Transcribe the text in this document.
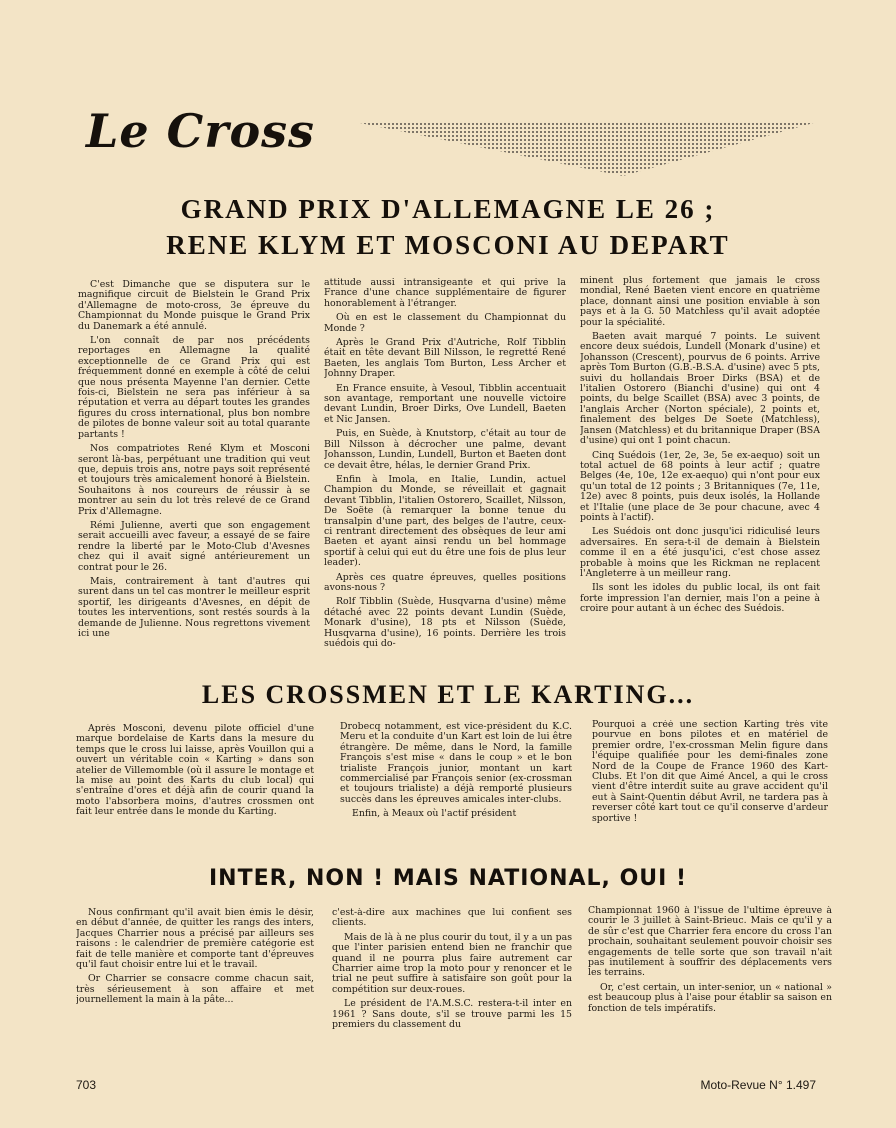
Le Cross
GRAND PRIX D'ALLEMAGNE LE 26 ;
RENE KLYM ET MOSCONI AU DEPART

C'est Dimanche que se disputera sur le magnifique circuit de Bielstein le Grand Prix d'Allemagne de moto-cross, 3e épreuve du Championnat du Monde puisque le Grand Prix du Danemark a été annulé.

L'on connaît de par nos précédents reportages en Allemagne la qualité exceptionnelle de ce Grand Prix qui est fréquemment donné en exemple à côté de celui que nous présenta Mayenne l'an dernier. Cette fois-ci, Bielstein ne sera pas inférieur à sa réputation et verra au départ toutes les grandes figures du cross international, plus bon nombre de pilotes de bonne valeur soit au total quarante partants !

Nos compatriotes René Klym et Mosconi seront là-bas, perpétuant une tradition qui veut que, depuis trois ans, notre pays soit représenté et toujours très amicalement honoré à Bielstein. Souhaitons à nos coureurs de réussir à se montrer au sein du lot très relevé de ce Grand Prix d'Allemagne.

Rémi Julienne, averti que son engagement serait accueilli avec faveur, a essayé de se faire rendre la liberté par le Moto-Club d'Avesnes chez qui il avait signé antérieurement un contrat pour le 26.

Mais, contrairement à tant d'autres qui surent dans un tel cas montrer le meilleur esprit sportif, les dirigeants d'Avesnes, en dépit de toutes les interventions, sont restés sourds à la demande de Julienne. Nous regrettons vivement ici une

attitude aussi intransigeante et qui prive la France d'une chance supplémentaire de figurer honorablement à l'étranger.

Où en est le classement du Championnat du Monde ?

Après le Grand Prix d'Autriche, Rolf Tibblin était en tête devant Bill Nilsson, le regretté René Baeten, les anglais Tom Burton, Less Archer et Johnny Draper.

En France ensuite, à Vesoul, Tibblin accentuait son avantage, remportant une nouvelle victoire devant Lundin, Broer Dirks, Ove Lundell, Baeten et Nic Jansen.

Puis, en Suède, à Knutstorp, c'était au tour de Bill Nilsson à décrocher une palme, devant Johansson, Lundin, Lundell, Burton et Baeten dont ce devait être, hélas, le dernier Grand Prix.

Enfin à Imola, en Italie, Lundin, actuel Champion du Monde, se réveillait et gagnait devant Tibblin, l'italien Ostorero, Scaillet, Nilsson, De Soëte (à remarquer la bonne tenue du transalpin d'une part, des belges de l'autre, ceux-ci rentrant directement des obsèques de leur ami Baeten et ayant ainsi rendu un bel hommage sportif à celui qui eut du être une fois de plus leur leader).

Après ces quatre épreuves, quelles positions avons-nous ?

Rolf Tibblin (Suède, Husqvarna d'usine) même détaché avec 22 points devant Lundin (Suède, Monark d'usine), 18 pts et Nilsson (Suède, Husqvarna d'usine), 16 points. Derrière les trois suédois qui do-

minent plus fortement que jamais le cross mondial, René Baeten vient encore en quatrième place, donnant ainsi une position enviable à son pays et à la G. 50 Matchless qu'il avait adoptée pour la spécialité.

Baeten avait marqué 7 points. Le suivent encore deux suédois, Lundell (Monark d'usine) et Johansson (Crescent), pourvus de 6 points. Arrive après Tom Burton (G.B.-B.S.A. d'usine) avec 5 pts, suivi du hollandais Broer Dirks (BSA) et de l'italien Ostorero (Bianchi d'usine) qui ont 4 points, du belge Scaillet (BSA) avec 3 points, de l'anglais Archer (Norton spéciale), 2 points et, finalement des belges De Soete (Matchless), Jansen (Matchless) et du britannique Draper (BSA d'usine) qui ont 1 point chacun.

Cinq Suédois (1er, 2e, 3e, 5e ex-aequo) soit un total actuel de 68 points à leur actif ; quatre Belges (4e, 10e, 12e ex-aequo) qui n'ont pour eux qu'un total de 12 points ; 3 Britanniques (7e, 11e, 12e) avec 8 points, puis deux isolés, la Hollande et l'Italie (une place de 3e pour chacune, avec 4 points à l'actif).

Les Suédois ont donc jusqu'ici ridiculisé leurs adversaires. En sera-t-il de demain à Bielstein comme il en a été jusqu'ici, c'est chose assez probable à moins que les Rickman ne replacent l'Angleterre à un meilleur rang.

Ils sont les idoles du public local, ils ont fait forte impression l'an dernier, mais l'on a peine à croire pour autant à un échec des Suédois.

LES CROSSMEN ET LE KARTING...

Après Mosconi, devenu pilote officiel d'une marque bordelaise de Karts dans la mesure du temps que le cross lui laisse, après Vouillon qui a ouvert un véritable coin « Karting » dans son atelier de Villemomble (où il assure le montage et la mise au point des Karts du club local) qui s'entraîne d'ores et déjà afin de courir quand la moto l'absorbera moins, d'autres crossmen ont fait leur entrée dans le monde du Karting.

Drobecq notamment, est vice-président du K.C. Meru et la conduite d'un Kart est loin de lui être étrangère. De même, dans le Nord, la famille François s'est mise « dans le coup » et le bon trialiste François junior, montant un kart commercialisé par François senior (ex-crossman et toujours trialiste) a déjà remporté plusieurs succès dans les épreuves amicales inter-clubs.

Enfin, à Meaux où l'actif président

Pourquoi a créé une section Karting très vite pourvue en bons pilotes et en matériel de premier ordre, l'ex-crossman Melin figure dans l'équipe qualifiée pour les demi-finales zone Nord de la Coupe de France 1960 des Kart-Clubs. Et l'on dit que Aimé Ancel, a qui le cross vient d'être interdit suite au grave accident qu'il eut à Saint-Quentin début Avril, ne tardera pas à reverser côté kart tout ce qu'il conserve d'ardeur sportive !

INTER, NON ! MAIS NATIONAL, OUI !

Nous confirmant qu'il avait bien émis le désir, en début d'année, de quitter les rangs des inters, Jacques Charrier nous a précisé par ailleurs ses raisons : le calendrier de première catégorie est fait de telle manière et comporte tant d'épreuves qu'il faut choisir entre lui et le travail.

Or Charrier se consacre comme chacun sait, très sérieusement à son affaire et met journellement la main à la pâte...

c'est-à-dire aux machines que lui confient ses clients.

Mais de là à ne plus courir du tout, il y a un pas que l'inter parisien entend bien ne franchir que quand il ne pourra plus faire autrement car Charrier aime trop la moto pour y renoncer et le trial ne peut suffire à satisfaire son goût pour la compétition sur deux-roues.

Le président de l'A.M.S.C. restera-t-il inter en 1961 ? Sans doute, s'il se trouve parmi les 15 premiers du classement du

Championnat 1960 à l'issue de l'ultime épreuve à courir le 3 juillet à Saint-Brieuc. Mais ce qu'il y a de sûr c'est que Charrier fera encore du cross l'an prochain, souhaitant seulement pouvoir choisir ses engagements de telle sorte que son travail n'ait pas inutilement à souffrir des déplacements vers les terrains.

Or, c'est certain, un inter-senior, un « national » est beaucoup plus à l'aise pour établir sa saison en fonction de tels impératifs.

703	Moto-Revue N° 1.497
